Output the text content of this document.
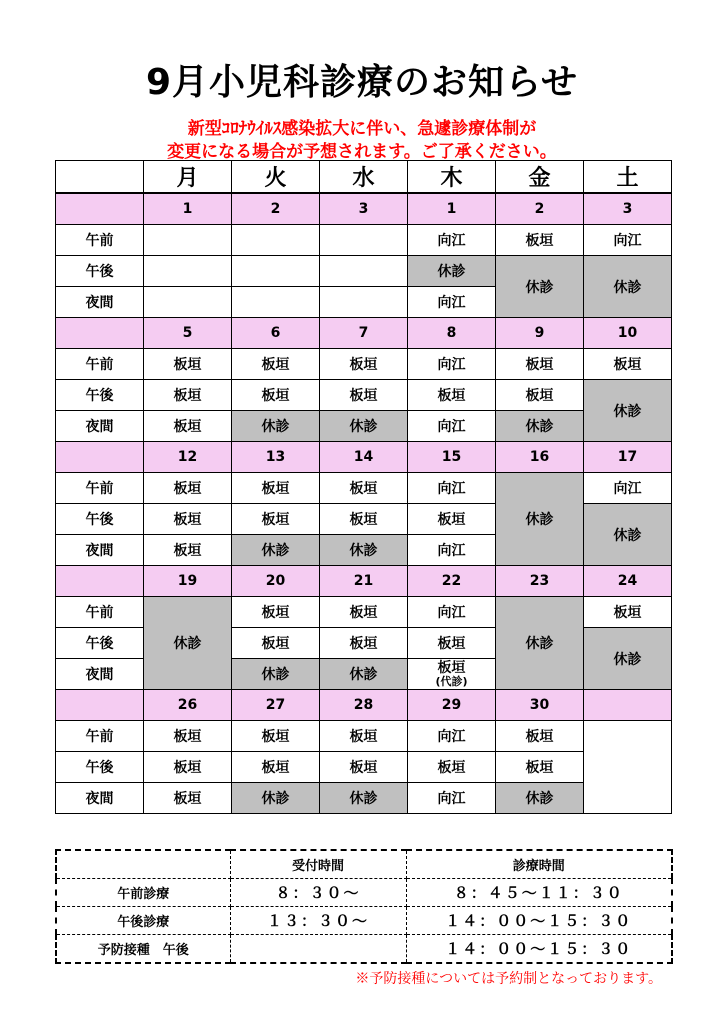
9月小児科診療のお知らせ
新型ｺﾛﾅｳｲﾙｽ感染拡大に伴い、急遽診療体制が
変更になる場合が予想されます。ご了承ください。
	月	火	水	木	金	土
	1	2	3	1	2	3
午前				向江	板垣	向江
午後				休診	休診	休診
夜間				向江		
	5	6	7	8	9	10
午前	板垣	板垣	板垣	向江	板垣	板垣
午後	板垣	板垣	板垣	板垣	板垣	休診
夜間	板垣	休診	休診	向江	休診	
	12	13	14	15	16	17
午前	板垣	板垣	板垣	向江	休診	向江
午後	板垣	板垣	板垣	板垣		休診
夜間	板垣	休診	休診	向江		
	19	20	21	22	23	24
午前	休診	板垣	板垣	向江	休診	板垣
午後		板垣	板垣	板垣		休診
夜間		休診	休診	板垣
(代診)		

	26	27	28	29	30	
午前	板垣	板垣	板垣	向江	板垣	
午後	板垣	板垣	板垣	板垣	板垣	
夜間	板垣	休診	休診	向江	休診	
	受付時間	診療時間
午前診療	８：３０～	８：４５～１１：３０
午後診療	１３：３０～	１４：００～１５：３０
予防接種　午後		１４：００～１５：３０
※予防接種については予約制となっております。
